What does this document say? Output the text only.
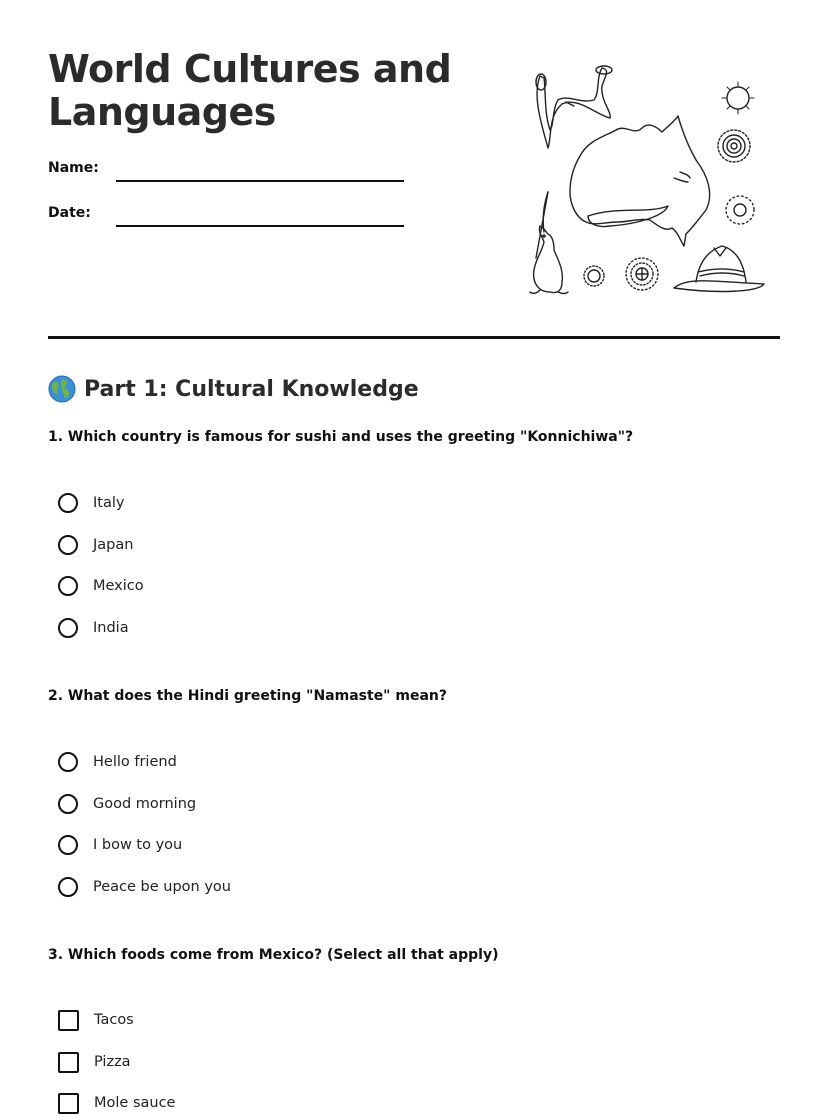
World Cultures and
Languages
Name:
Date:
Part 1: Cultural Knowledge
1. Which country is famous for sushi and uses the greeting "Konnichiwa"?
Italy
Japan
Mexico
India
2. What does the Hindi greeting "Namaste" mean?
Hello friend
Good morning
I bow to you
Peace be upon you
3. Which foods come from Mexico? (Select all that apply)
Tacos
Pizza
Mole sauce
